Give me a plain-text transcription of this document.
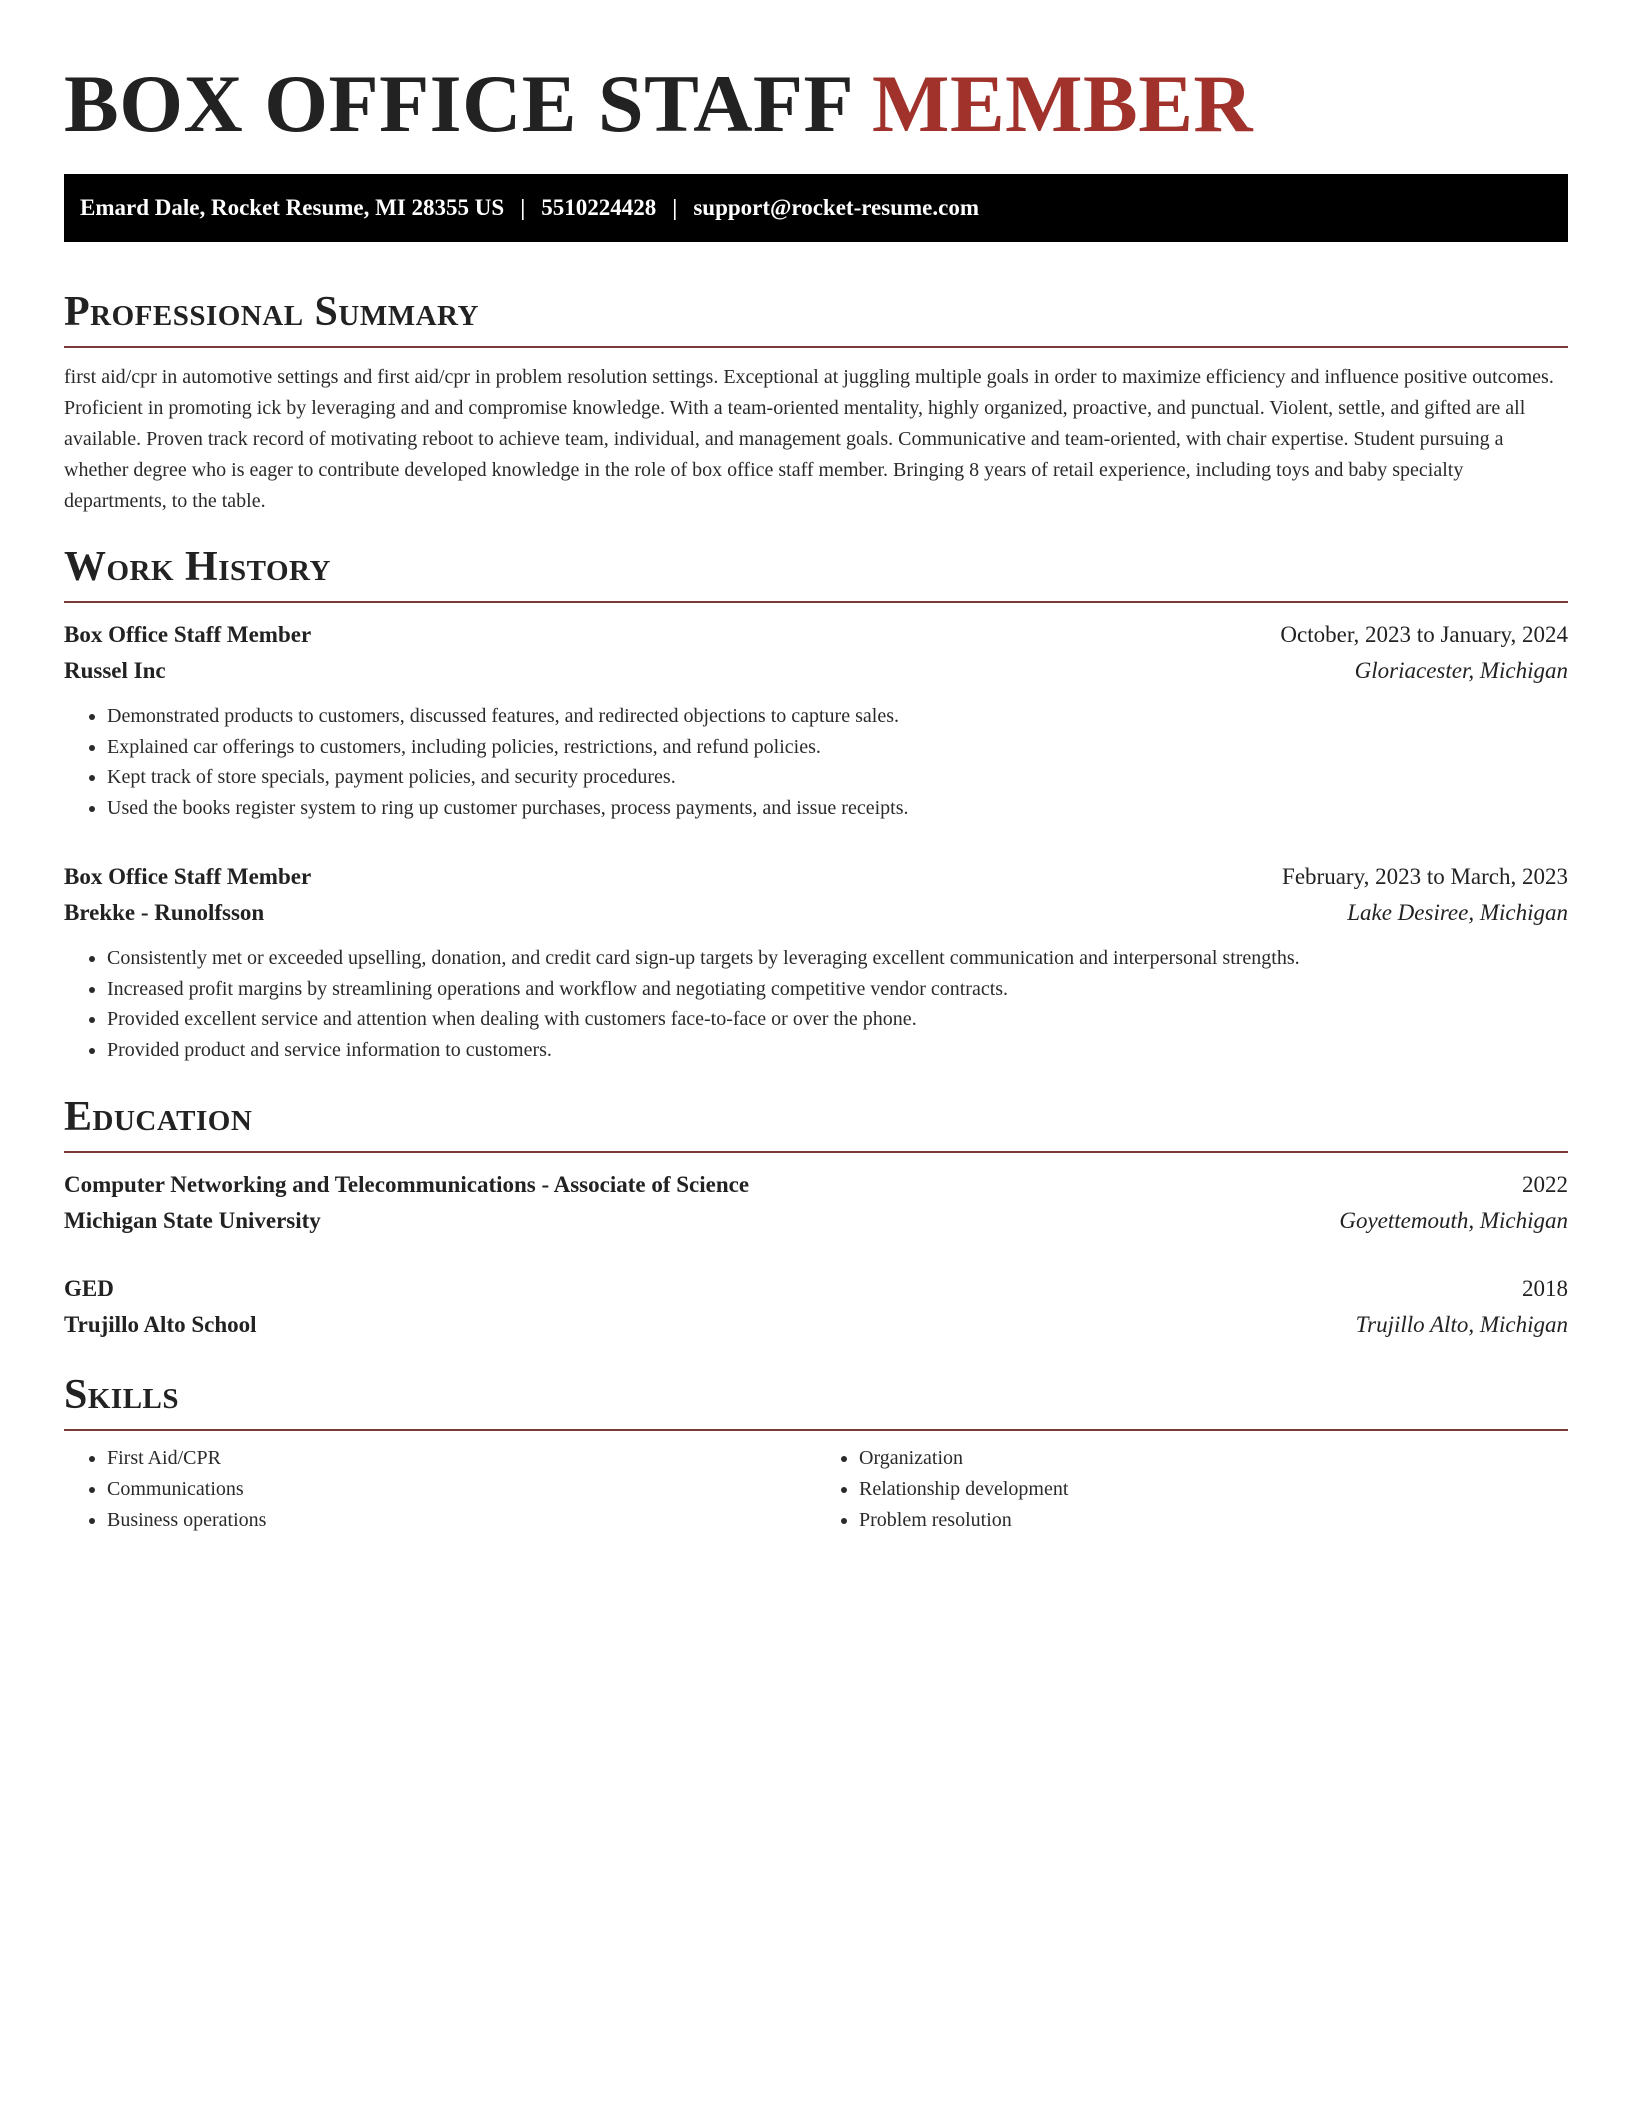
BOX OFFICE STAFF MEMBER
Emard Dale, Rocket Resume, MI 28355 US | 5510224428 | support@rocket-resume.com
Professional Summary

first aid/cpr in automotive settings and first aid/cpr in problem resolution settings. Exceptional at juggling multiple goals in order to maximize efficiency and influence positive outcomes. Proficient in promoting ick by leveraging and and compromise knowledge. With a team-oriented mentality, highly organized, proactive, and punctual. Violent, settle, and gifted are all available. Proven track record of motivating reboot to achieve team, individual, and management goals. Communicative and team-oriented, with chair expertise. Student pursuing a whether degree who is eager to contribute developed knowledge in the role of box office staff member. Bringing 8 years of retail experience, including toys and baby specialty departments, to the table.

Work History
Box Office Staff Member	October, 2023 to January, 2024
Russel Inc	Gloriacester, Michigan
• Demonstrated products to customers, discussed features, and redirected objections to capture sales.
• Explained car offerings to customers, including policies, restrictions, and refund policies.
• Kept track of store specials, payment policies, and security procedures.
• Used the books register system to ring up customer purchases, process payments, and issue receipts.
Box Office Staff Member	February, 2023 to March, 2023
Brekke - Runolfsson	Lake Desiree, Michigan
• Consistently met or exceeded upselling, donation, and credit card sign-up targets by leveraging excellent communication and interpersonal strengths.
• Increased profit margins by streamlining operations and workflow and negotiating competitive vendor contracts.
• Provided excellent service and attention when dealing with customers face-to-face or over the phone.
• Provided product and service information to customers.
Education
Computer Networking and Telecommunications - Associate of Science	2022
Michigan State University	Goyettemouth, Michigan
GED	2018
Trujillo Alto School	Trujillo Alto, Michigan
Skills
• First Aid/CPR
• Communications
• Business operations
• Organization
• Relationship development
• Problem resolution
